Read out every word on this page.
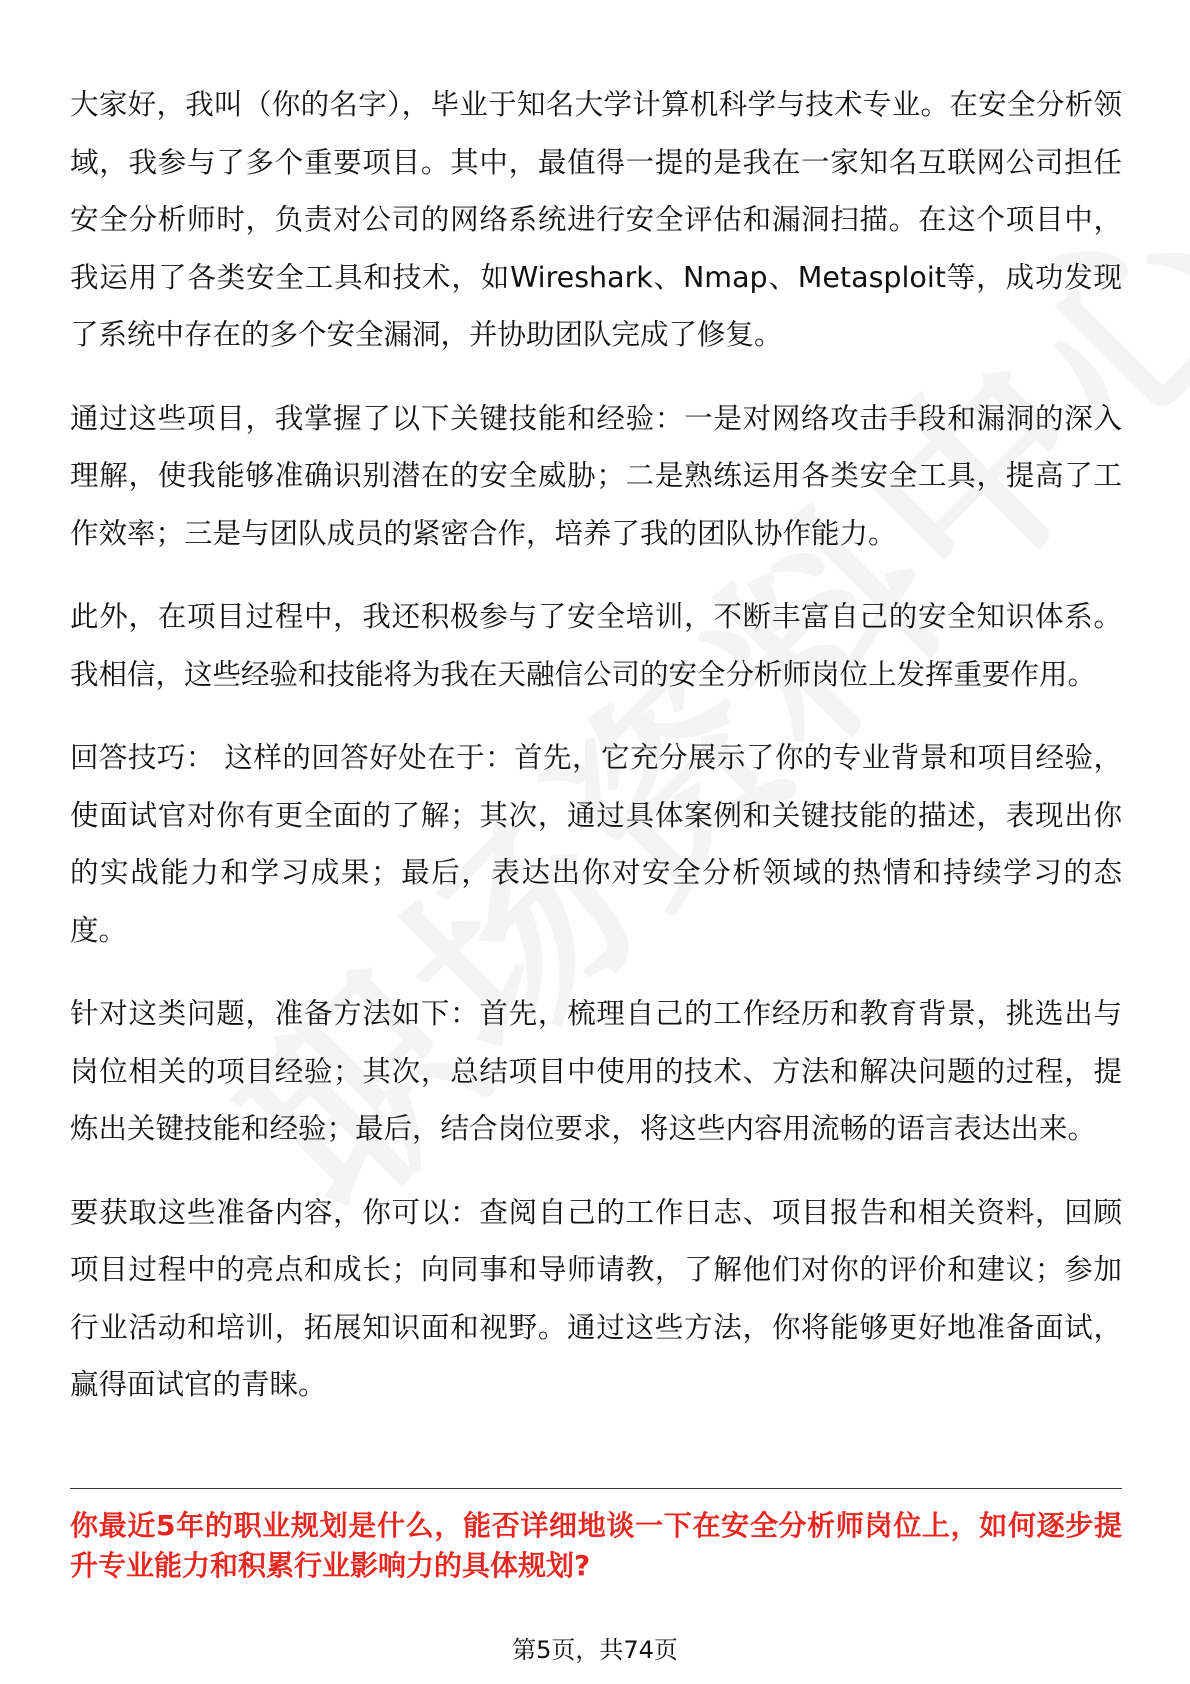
大家好，我叫（你的名字），毕业于知名大学计算机科学与技术专业。在安全分析领域，我参与了多个重要项目。其中，最值得一提的是我在一家知名互联网公司担任安全分析师时，负责对公司的网络系统进行安全评估和漏洞扫描。在这个项目中，我运用了各类安全工具和技术，如Wireshark、Nmap、Metasploit等，成功发现了系统中存在的多个安全漏洞，并协助团队完成了修复。

通过这些项目，我掌握了以下关键技能和经验：一是对网络攻击手段和漏洞的深入理解，使我能够准确识别潜在的安全威胁；二是熟练运用各类安全工具，提高了工作效率；三是与团队成员的紧密合作，培养了我的团队协作能力。

此外，在项目过程中，我还积极参与了安全培训，不断丰富自己的安全知识体系。我相信，这些经验和技能将为我在天融信公司的安全分析师岗位上发挥重要作用。

回答技巧： 这样的回答好处在于：首先，它充分展示了你的专业背景和项目经验，使面试官对你有更全面的了解；其次，通过具体案例和关键技能的描述，表现出你的实战能力和学习成果；最后，表达出你对安全分析领域的热情和持续学习的态度。

针对这类问题，准备方法如下：首先，梳理自己的工作经历和教育背景，挑选出与岗位相关的项目经验；其次，总结项目中使用的技术、方法和解决问题的过程，提炼出关键技能和经验；最后，结合岗位要求，将这些内容用流畅的语言表达出来。

要获取这些准备内容，你可以：查阅自己的工作日志、项目报告和相关资料，回顾项目过程中的亮点和成长；向同事和导师请教，了解他们对你的评价和建议；参加行业活动和培训，拓展知识面和视野。通过这些方法，你将能够更好地准备面试，赢得面试官的青睐。

你最近5年的职业规划是什么，能否详细地谈一下在安全分析师岗位上，如何逐步提升专业能力和积累行业影响力的具体规划?
第5页，共74页
